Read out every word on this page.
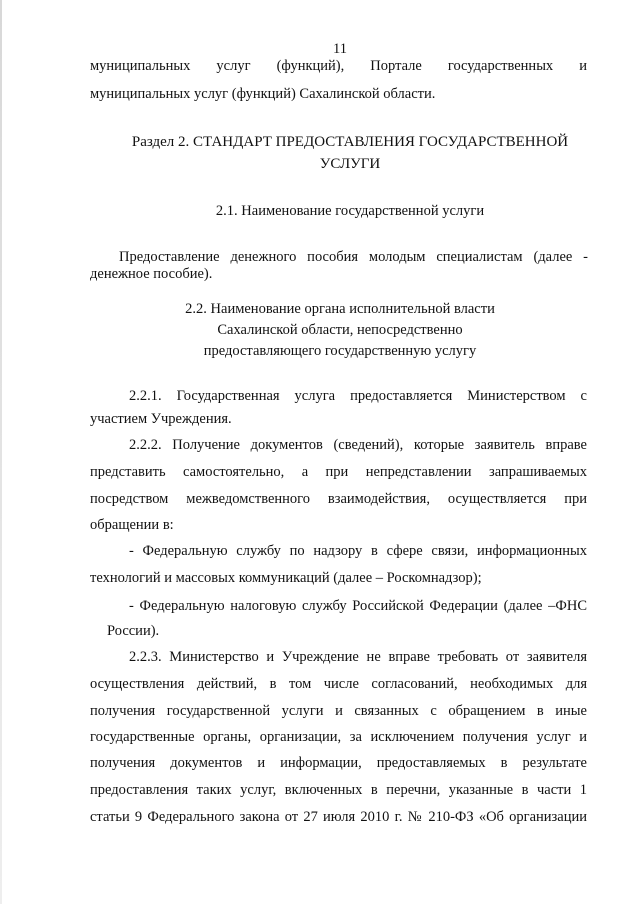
11
муниципальных услуг (функций), Портале государственных и
муниципальных услуг (функций) Сахалинской области.
Раздел 2. СТАНДАРТ ПРЕДОСТАВЛЕНИЯ ГОСУДАРСТВЕННОЙ
УСЛУГИ
2.1. Наименование государственной услуги
Предоставление денежного пособия молодым специалистам (далее -
денежное пособие).
2.2. Наименование органа исполнительной власти
Сахалинской области, непосредственно
предоставляющего государственную услугу
2.2.1. Государственная услуга предоставляется Министерством с
участием Учреждения.
2.2.2. Получение документов (сведений), которые заявитель вправе
представить самостоятельно, а при непредставлении запрашиваемых
посредством межведомственного взаимодействия, осуществляется при
обращении в:
- Федеральную службу по надзору в сфере связи, информационных
технологий и массовых коммуникаций (далее – Роскомнадзор);
- Федеральную налоговую службу Российской Федерации (далее –ФНС
России).
2.2.3. Министерство и Учреждение не вправе требовать от заявителя
осуществления действий, в том числе согласований, необходимых для
получения государственной услуги и связанных с обращением в иные
государственные органы, организации, за исключением получения услуг и
получения документов и информации, предоставляемых в результате
предоставления таких услуг, включенных в перечни, указанные в части 1
статьи 9 Федерального закона от 27 июля 2010 г. № 210-ФЗ «Об организации
